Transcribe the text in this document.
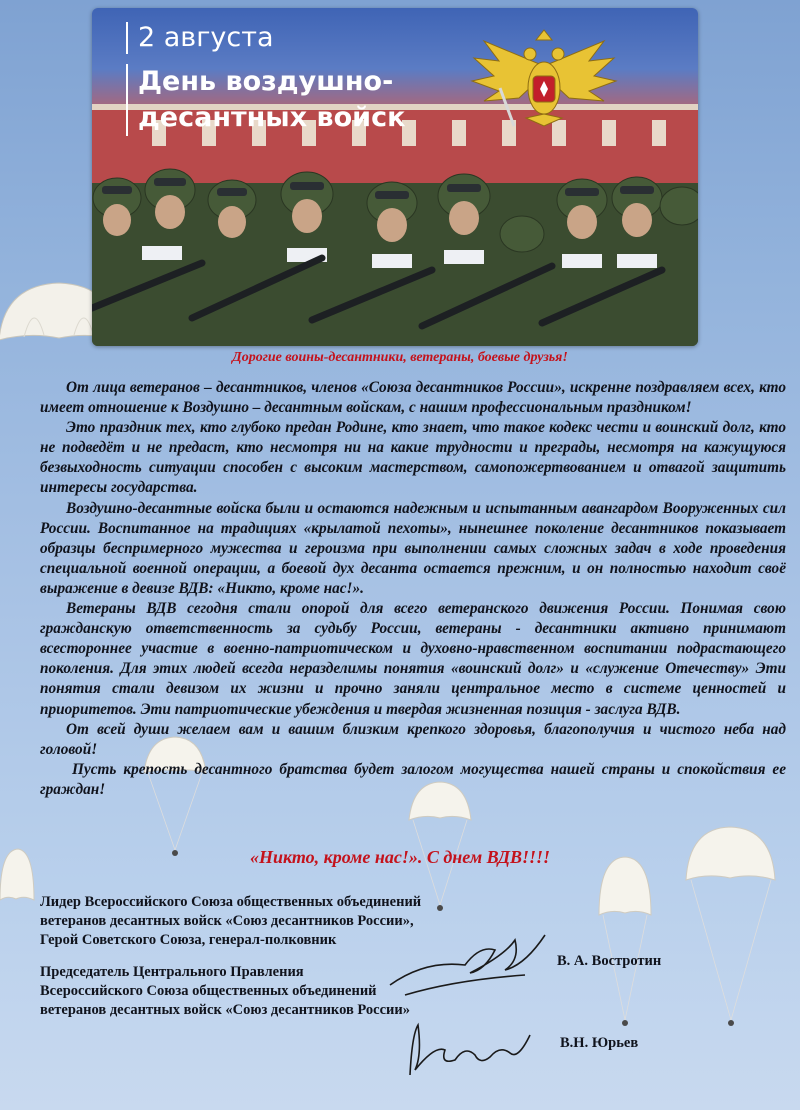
2 августа
День воздушно-десантных войск
Дорогие воины-десантники, ветераны, боевые друзья!

От лица ветеранов – десантников, членов «Союза десантников России», искренне поздравляем всех, кто имеет отношение к Воздушно – десантным войскам, с нашим профессиональным праздником!

Это праздник тех, кто глубоко предан Родине, кто знает, что такое кодекс чести и воинский долг, кто не подведёт и не предаст, кто несмотря ни на какие трудности и преграды, несмотря на кажущуюся безвыходность ситуации способен с высоким мастерством, самопожертвованием и отвагой защитить интересы государства.

Воздушно-десантные войска были и остаются надежным и испытанным авангардом Вооруженных сил России. Воспитанное на традициях «крылатой пехоты», нынешнее поколение десантников показывает образцы беспримерного мужества и героизма при выполнении самых сложных задач в ходе проведения специальной военной операции, а боевой дух десанта остается прежним, и он полностью находит своё выражение в девизе ВДВ: «Никто, кроме нас!».

Ветераны ВДВ сегодня стали опорой для всего ветеранского движения России. Понимая свою гражданскую ответственность за судьбу России, ветераны - десантники активно принимают всестороннее участие в военно-патриотическом и духовно-нравственном воспитании подрастающего поколения. Для этих людей всегда неразделимы понятия «воинский долг» и «служение Отечеству» Эти понятия стали девизом их жизни и прочно заняли центральное место в системе ценностей и приоритетов. Эти патриотические убеждения и твердая жизненная позиция - заслуга ВДВ.

От всей души желаем вам и вашим близким крепкого здоровья, благополучия и чистого неба над головой!

Пусть крепость десантного братства будет залогом могущества нашей страны и спокойствия ее граждан!

«Никто, кроме нас!». С днем ВДВ!!!!
Лидер Всероссийского Союза общественных объединений
ветеранов десантных войск «Союз десантников России»,
Герой Советского Союза, генерал-полковник
В. А. Востротин
Председатель Центрального Правления
Всероссийского Союза общественных объединений
ветеранов десантных войск «Союз десантников России»
В.Н. Юрьев
